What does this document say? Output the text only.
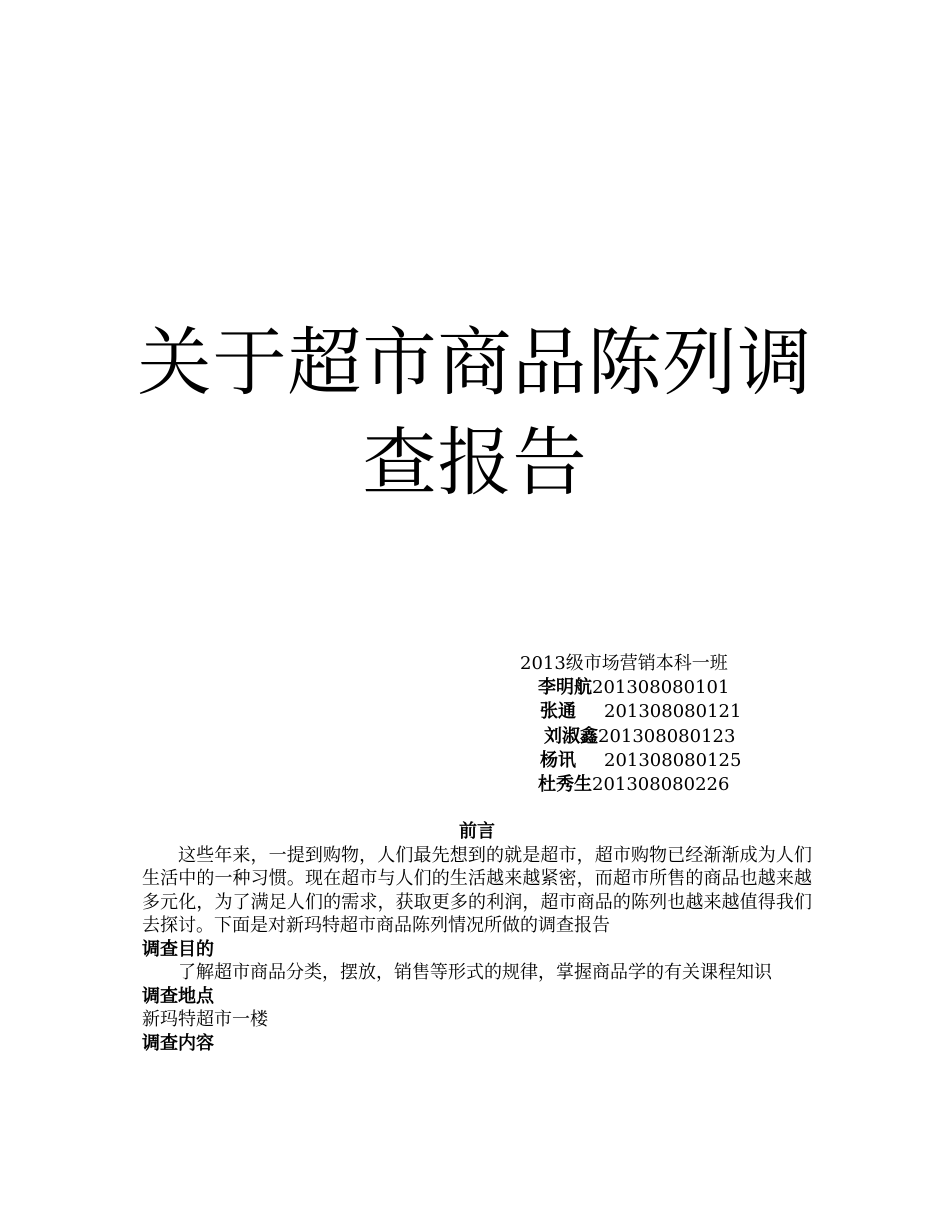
关于超市商品陈列调
查报告
2013级市场营销本科一班
李明航201308080101
张通 201308080121
刘淑鑫201308080123
杨讯 201308080125
杜秀生201308080226

前言

这些年来，一提到购物，人们最先想到的就是超市，超市购物已经渐渐成为人们生活中的一种习惯。现在超市与人们的生活越来越紧密，而超市所售的商品也越来越多元化，为了满足人们的需求，获取更多的利润，超市商品的陈列也越来越值得我们去探讨。下面是对新玛特超市商品陈列情况所做的调查报告

调查目的

了解超市商品分类，摆放，销售等形式的规律，掌握商品学的有关课程知识

调查地点

新玛特超市一楼

调查内容
